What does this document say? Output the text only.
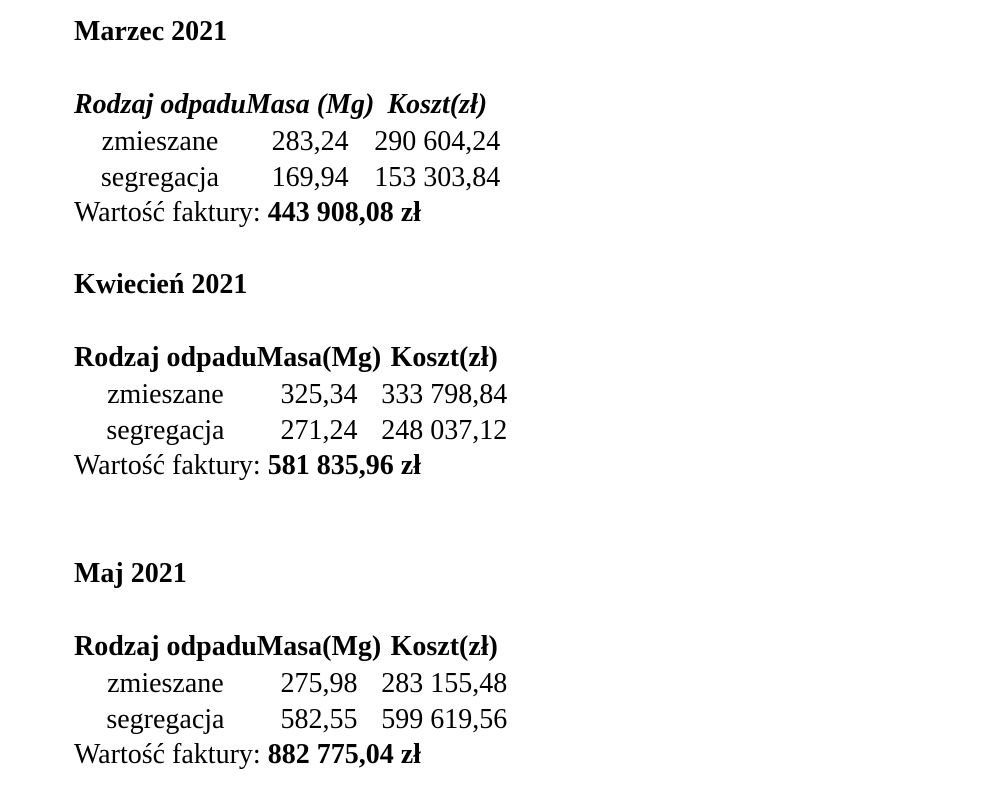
Marzec 2021
Rodzaj odpadu	Masa (Mg)	Koszt(zł)
zmieszane	283,24	290 604,24
segregacja	169,94	153 303,84
Wartość faktury: 443 908,08 zł
Kwiecień 2021
Rodzaj odpadu	Masa(Mg)	Koszt(zł)
zmieszane	325,34	333 798,84
segregacja	271,24	248 037,12
Wartość faktury: 581 835,96 zł
Maj 2021
Rodzaj odpadu	Masa(Mg)	Koszt(zł)
zmieszane	275,98	283 155,48
segregacja	582,55	599 619,56
Wartość faktury: 882 775,04 zł
